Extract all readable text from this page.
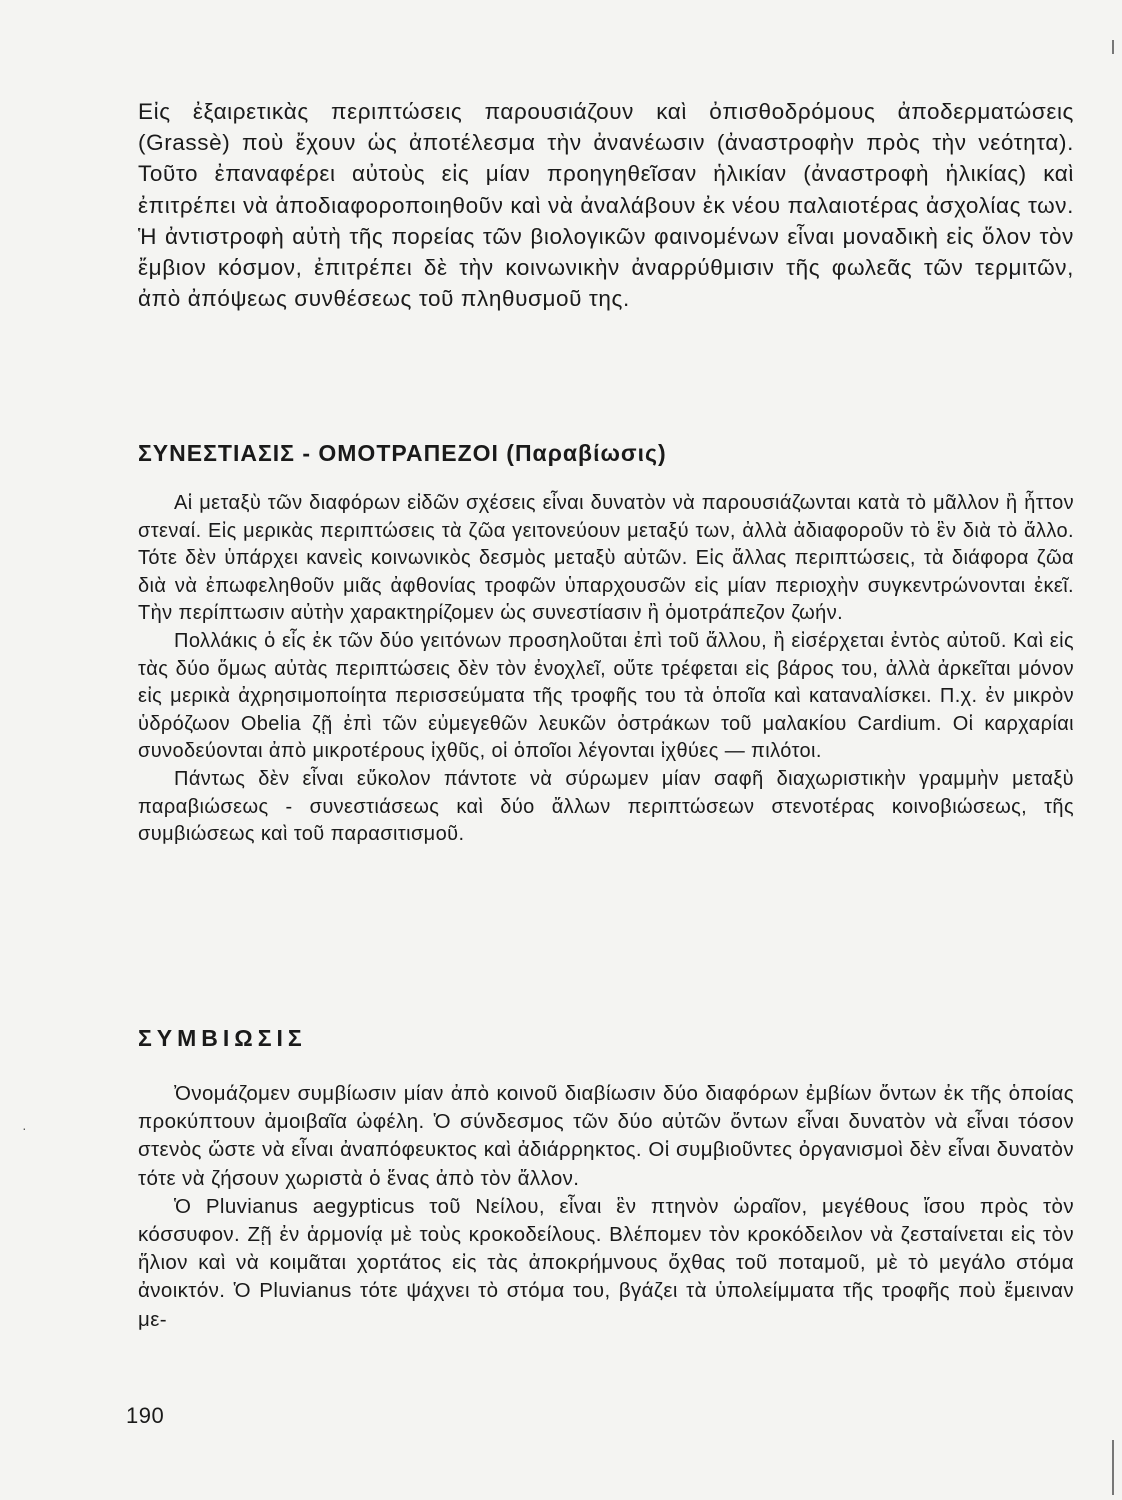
·

Εἰς ἐξαιρετικὰς περιπτώσεις παρουσιάζουν καὶ ὀπισθοδρόμους ἀποδερματώσεις (Grassè) ποὺ ἔχουν ὡς ἀποτέλεσμα τὴν ἀνανέωσιν (ἀναστροφὴν πρὸς τὴν νεότητα). Τοῦτο ἐπαναφέρει αὐτοὺς εἰς μίαν προηγηθεῖσαν ἡλικίαν (ἀναστροφὴ ἡλικίας) καὶ ἐπιτρέπει νὰ ἀποδιαφοροποιηθοῦν καὶ νὰ ἀναλάβουν ἐκ νέου παλαιοτέρας ἀσχολίας των. Ἡ ἀντιστροφὴ αὐτὴ τῆς πορείας τῶν βιολογικῶν φαινομένων εἶναι μοναδικὴ εἰς ὅλον τὸν ἔμβιον κόσμον, ἐπιτρέπει δὲ τὴν κοινωνικὴν ἀναρρύθμισιν τῆς φωλεᾶς τῶν τερμιτῶν, ἀπὸ ἀπόψεως συνθέσεως τοῦ πληθυσμοῦ της.

ΣΥΝΕΣΤΙΑΣΙΣ - ΟΜΟΤΡΑΠΕΖΟΙ (Παραβίωσις)

Αἱ μεταξὺ τῶν διαφόρων εἰδῶν σχέσεις εἶναι δυνατὸν νὰ παρουσιάζωνται κατὰ τὸ μᾶλλον ἢ ἧττον στεναί. Εἰς μερικὰς περιπτώσεις τὰ ζῶα γειτονεύουν μεταξύ των, ἀλλὰ ἀδιαφοροῦν τὸ ἓν διὰ τὸ ἄλλο. Τότε δὲν ὑπάρχει κανεὶς κοινωνικὸς δεσμὸς μεταξὺ αὐτῶν. Εἰς ἄλλας περιπτώσεις, τὰ διάφορα ζῶα διὰ νὰ ἐπωφεληθοῦν μιᾶς ἀφθονίας τροφῶν ὑπαρχουσῶν εἰς μίαν περιοχὴν συγκεντρώνονται ἐκεῖ. Τὴν περίπτωσιν αὐτὴν χαρακτηρίζομεν ὡς συνεστίασιν ἢ ὁμοτράπεζον ζωήν.

Πολλάκις ὁ εἷς ἐκ τῶν δύο γειτόνων προσηλοῦται ἐπὶ τοῦ ἄλλου, ἢ εἰσέρχεται ἐντὸς αὐτοῦ. Καὶ εἰς τὰς δύο ὅμως αὐτὰς περιπτώσεις δὲν τὸν ἐνοχλεῖ, οὔτε τρέφεται εἰς βάρος του, ἀλλὰ ἀρκεῖται μόνον εἰς μερικὰ ἀχρησιμοποίητα περισσεύματα τῆς τροφῆς του τὰ ὁποῖα καὶ καταναλίσκει. Π.χ. ἐν μικρὸν ὑδρόζωον Obelia ζῇ ἐπὶ τῶν εὐμεγεθῶν λευκῶν ὀστράκων τοῦ μαλακίου Cardium. Οἱ καρχαρίαι συνοδεύονται ἀπὸ μικροτέρους ἰχθῦς, οἱ ὁποῖοι λέγονται ἰχθύες — πιλότοι.

Πάντως δὲν εἶναι εὔκολον πάντοτε νὰ σύρωμεν μίαν σαφῆ διαχωριστικὴν γραμμὴν μεταξὺ παραβιώσεως - συνεστιάσεως καὶ δύο ἄλλων περιπτώσεων στενοτέρας κοινοβιώσεως, τῆς συμβιώσεως καὶ τοῦ παρασιτισμοῦ.

ΣΥΜΒΙΩΣΙΣ

Ὀνομάζομεν συμβίωσιν μίαν ἀπὸ κοινοῦ διαβίωσιν δύο διαφόρων ἐμβίων ὄντων ἐκ τῆς ὁποίας προκύπτουν ἀμοιβαῖα ὠφέλη. Ὁ σύνδεσμος τῶν δύο αὐτῶν ὄντων εἶναι δυνατὸν νὰ εἶναι τόσον στενὸς ὥστε νὰ εἶναι ἀναπόφευκτος καὶ ἀδιάρρηκτος. Οἱ συμβιοῦντες ὀργανισμοὶ δὲν εἶναι δυνατὸν τότε νὰ ζήσουν χωριστὰ ὁ ἕνας ἀπὸ τὸν ἄλλον.

Ὁ Pluvianus aegypticus τοῦ Νείλου, εἶναι ἓν πτηνὸν ὡραῖον, μεγέθους ἴσου πρὸς τὸν κόσσυφον. Ζῇ ἐν ἁρμονίᾳ μὲ τοὺς κροκοδείλους. Βλέπομεν τὸν κροκόδειλον νὰ ζεσταίνεται εἰς τὸν ἥλιον καὶ νὰ κοιμᾶται χορτάτος εἰς τὰς ἀποκρήμνους ὄχθας τοῦ ποταμοῦ, μὲ τὸ μεγάλο στόμα ἀνοικτόν. Ὁ Pluvianus τότε ψάχνει τὸ στόμα του, βγάζει τὰ ὑπολείμματα τῆς τροφῆς ποὺ ἔμειναν με-

190
